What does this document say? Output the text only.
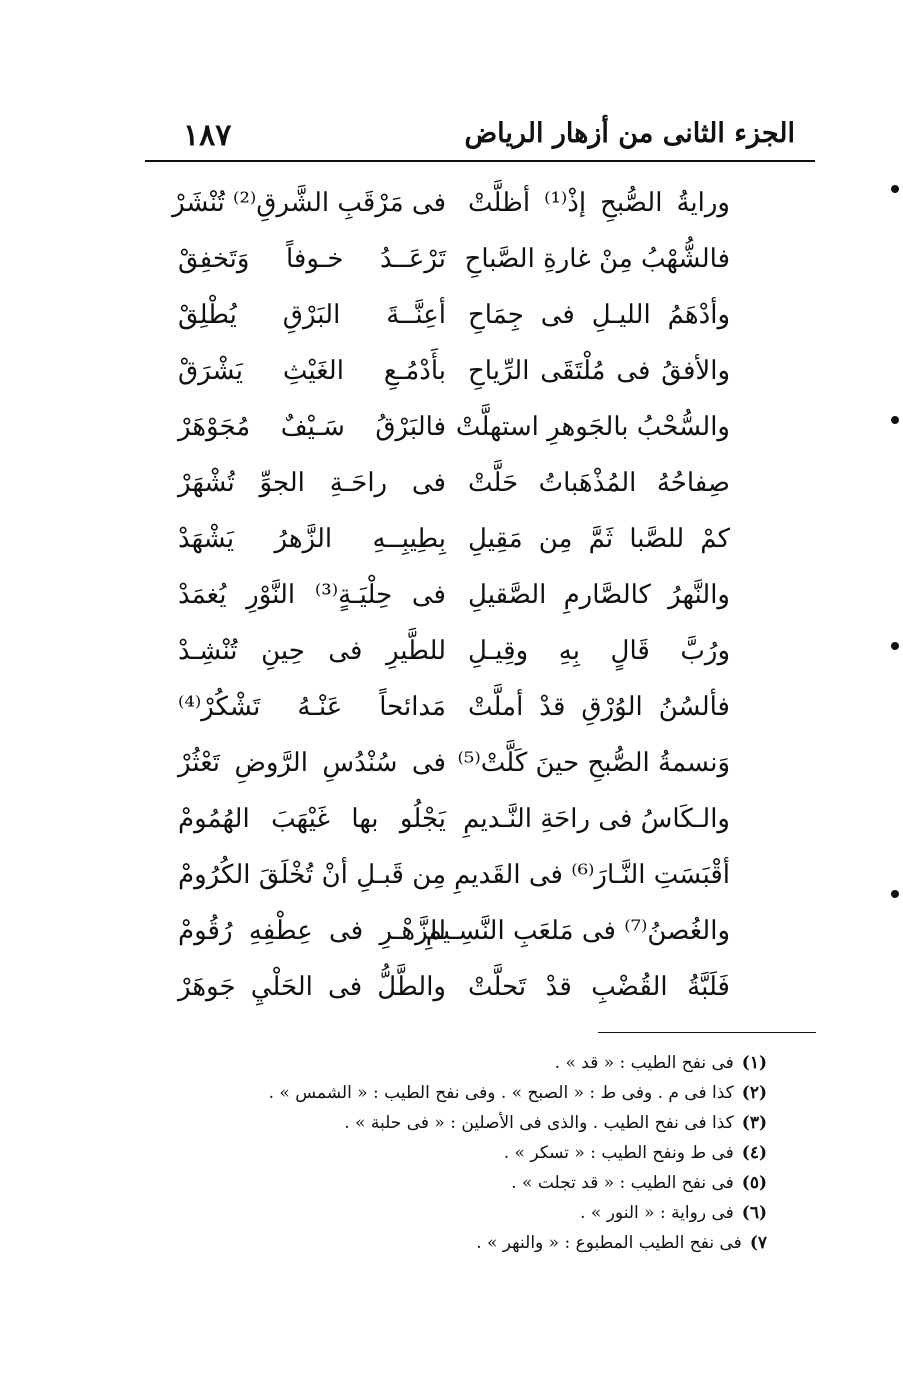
١٨٧	الجزء الثانى من أزهار الرياض
ورايةُ الصُّبحِ إذْ⁽¹⁾ أظلَّتْ
فى مَرْقَبِ الشَّرقِ⁽²⁾ تُنْشَرْ
فالشُّهْبُ مِنْ غارةِ الصَّباحِ
تَرْعَــدُ خـوفاً وَتَخفِقْ
وأدْهَمُ الليـلِ فى جِمَاحِ
أعِنَّــةَ البَرْقِ يُطْلِقْ
والأفقُ فى مُلْتَقَى الرِّياحِ
بأَدْمُـعِ الغَيْثِ يَشْرَقْ
والسُّحْبُ بالجَوهرِ استهلَّتْ
فالبَرْقُ سَـيْفٌ مُجَوْهَرْ
صِفاحُهُ المُذْهَباتُ حَلَّتْ
فى راحَـةِ الجوِّ تُشْهَرْ
كمْ للصَّبا ثَمَّ مِن مَقِيلِ
بِطِيبِــهِ الزَّهرُ يَشْهَدْ
والنَّهرُ كالصَّارمِ الصَّقيلِ
فى حِلْيَـةٍ⁽³⁾ النَّوْرِ يُغمَدْ
ورُبَّ قَالٍ بِهِ وقِيـلِ
للطَّيرِ فى حِينِ تُنْشِـدْ
فألسُنُ الوُرْقِ قدْ أملَّتْ
مَدائحاً عَنْـهُ تَشْكُرْ⁽⁴⁾
وَنسمةُ الصُّبحِ حينَ كَلَّتْ⁽⁵⁾
فى سُنْدُسِ الرَّوضِ تَعْثُرْ
والـكَاسُ فى راحَةِ النَّـديمِ
يَجْلُو بها غَيْهَبَ الهُمُومْ
أقْبَسَتِ النَّـارَ⁽⁶⁾ فى القَديمِ
مِن قَبـلِ أنْ تُخْلَقَ الكُرُومْ
والغُصنُ⁽⁷⁾ فى مَلعَبِ النَّسِـيمِ
للزَّهْـرِ فى عِطْفِهِ رُقُومْ
فَلَبَّةُ القُضْبِ قدْ تَحلَّتْ
والطَّلُّ فى الحَلْيِ جَوهَرْ
(١)فى نفح الطيب : « قد » .
(٢)كذا فى م . وفى ط : « الصبح » . وفى نفح الطيب : « الشمس » .
(٣)كذا فى نفح الطيب . والذى فى الأصلين : « فى حلبة » .
(٤)فى ط ونفح الطيب : « تسكر » .
(٥)فى نفح الطيب : « قد تجلت » .
(٦)فى رواية : « النور » .
٧)فى نفح الطيب المطبوع : « والنهر » .
